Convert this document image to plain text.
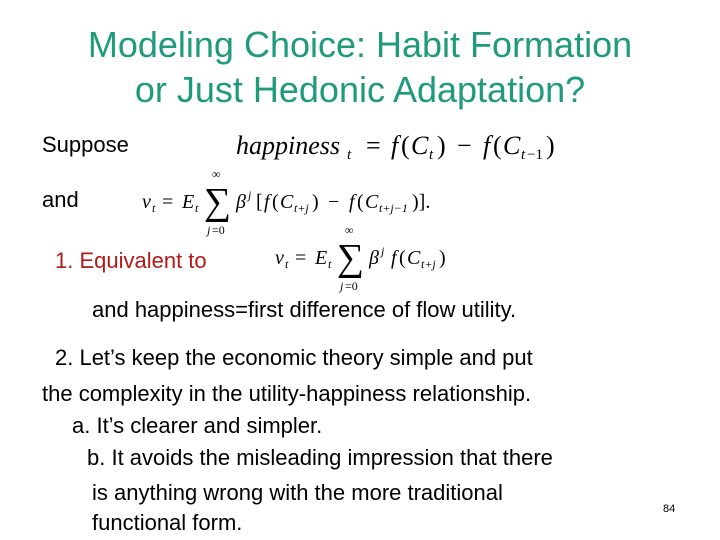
Modeling Choice: Habit Formation
or Just Hedonic Adaptation?
Suppose	happiness t = f ( C t ) − f ( C t −1 )
and	v t = E t
∞
∑
j =0
β j [ f ( C t+j ) − f ( C t+j−1 )].
1. Equivalent to	v t = E t
∞
∑
j =0
β j f ( C t+j )
and happiness=first difference of flow utility.
2. Let’s keep the economic theory simple and put
the complexity in the utility-happiness relationship.
a. It’s clearer and simpler.
b. It avoids the misleading impression that there
is anything wrong with the more traditional
functional form.
84
